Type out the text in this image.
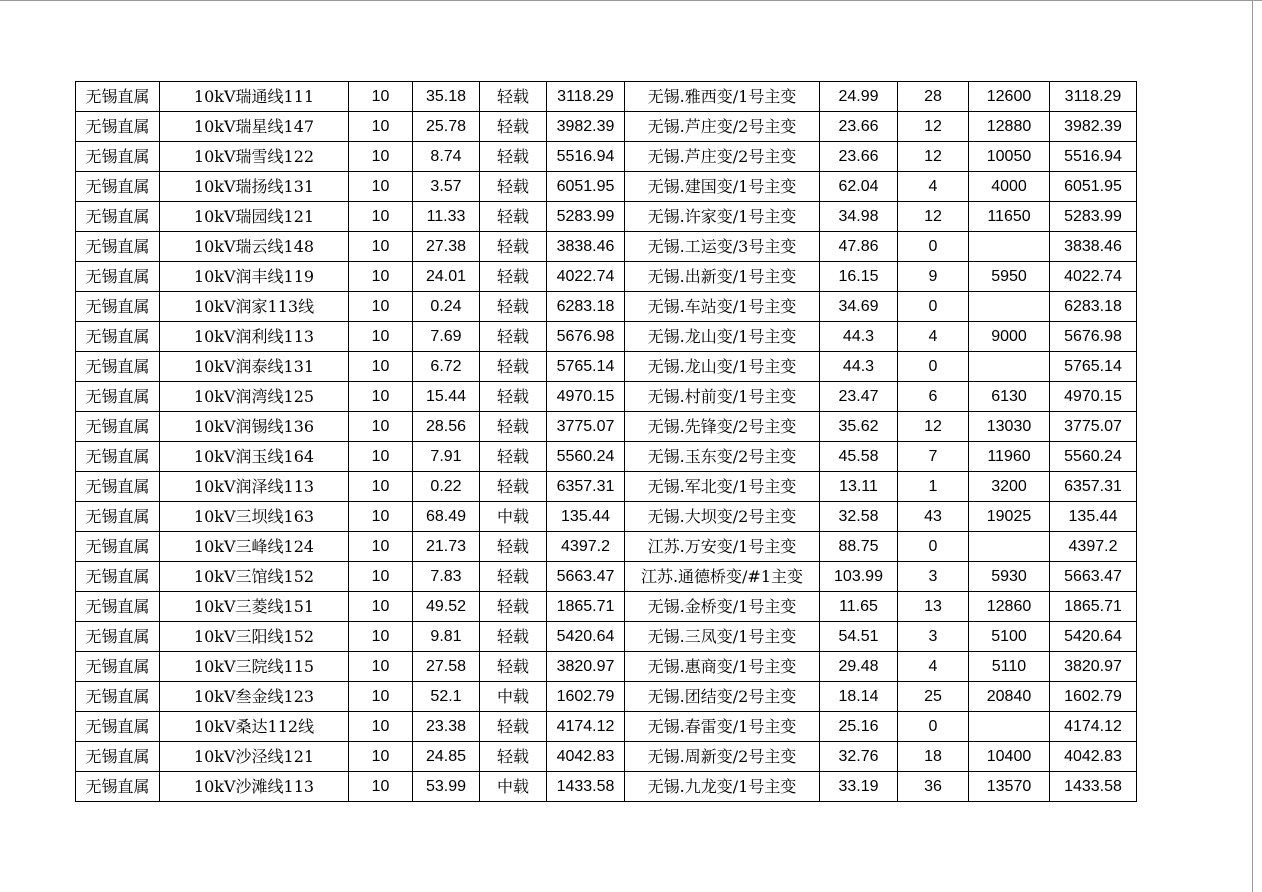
无锡直属	10kV瑞通线111	10	35.18	轻载	3118.29	无锡.雅西变/1号主变	24.99	28	12600	3118.29
无锡直属	10kV瑞星线147	10	25.78	轻载	3982.39	无锡.芦庄变/2号主变	23.66	12	12880	3982.39
无锡直属	10kV瑞雪线122	10	8.74	轻载	5516.94	无锡.芦庄变/2号主变	23.66	12	10050	5516.94
无锡直属	10kV瑞扬线131	10	3.57	轻载	6051.95	无锡.建国变/1号主变	62.04	4	4000	6051.95
无锡直属	10kV瑞园线121	10	11.33	轻载	5283.99	无锡.许家变/1号主变	34.98	12	11650	5283.99
无锡直属	10kV瑞云线148	10	27.38	轻载	3838.46	无锡.工运变/3号主变	47.86	0		3838.46
无锡直属	10kV润丰线119	10	24.01	轻载	4022.74	无锡.出新变/1号主变	16.15	9	5950	4022.74
无锡直属	10kV润家113线	10	0.24	轻载	6283.18	无锡.车站变/1号主变	34.69	0		6283.18
无锡直属	10kV润利线113	10	7.69	轻载	5676.98	无锡.龙山变/1号主变	44.3	4	9000	5676.98
无锡直属	10kV润泰线131	10	6.72	轻载	5765.14	无锡.龙山变/1号主变	44.3	0		5765.14
无锡直属	10kV润湾线125	10	15.44	轻载	4970.15	无锡.村前变/1号主变	23.47	6	6130	4970.15
无锡直属	10kV润锡线136	10	28.56	轻载	3775.07	无锡.先锋变/2号主变	35.62	12	13030	3775.07
无锡直属	10kV润玉线164	10	7.91	轻载	5560.24	无锡.玉东变/2号主变	45.58	7	11960	5560.24
无锡直属	10kV润泽线113	10	0.22	轻载	6357.31	无锡.军北变/1号主变	13.11	1	3200	6357.31
无锡直属	10kV三坝线163	10	68.49	中载	135.44	无锡.大坝变/2号主变	32.58	43	19025	135.44
无锡直属	10kV三峰线124	10	21.73	轻载	4397.2	江苏.万安变/1号主变	88.75	0		4397.2
无锡直属	10kV三馆线152	10	7.83	轻载	5663.47	江苏.通德桥变/#1主变	103.99	3	5930	5663.47
无锡直属	10kV三菱线151	10	49.52	轻载	1865.71	无锡.金桥变/1号主变	11.65	13	12860	1865.71
无锡直属	10kV三阳线152	10	9.81	轻载	5420.64	无锡.三凤变/1号主变	54.51	3	5100	5420.64
无锡直属	10kV三院线115	10	27.58	轻载	3820.97	无锡.惠商变/1号主变	29.48	4	5110	3820.97
无锡直属	10kV叁金线123	10	52.1	中载	1602.79	无锡.团结变/2号主变	18.14	25	20840	1602.79
无锡直属	10kV桑达112线	10	23.38	轻载	4174.12	无锡.春雷变/1号主变	25.16	0		4174.12
无锡直属	10kV沙泾线121	10	24.85	轻载	4042.83	无锡.周新变/2号主变	32.76	18	10400	4042.83
无锡直属	10kV沙滩线113	10	53.99	中载	1433.58	无锡.九龙变/1号主变	33.19	36	13570	1433.58
